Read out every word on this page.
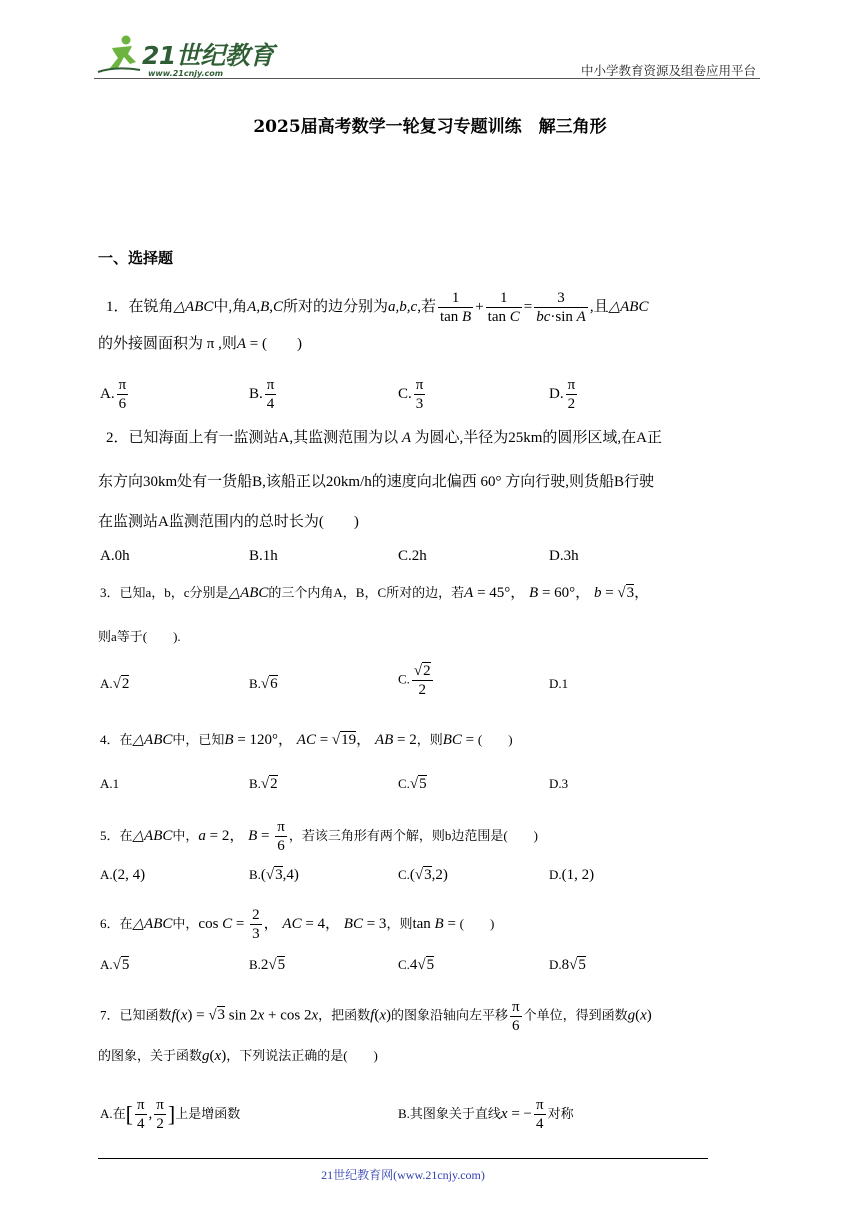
21世纪教育
www.21cnjy.com	中小学教育资源及组卷应用平台
2025届高考数学一轮复习专题训练　解三角形
一、选择题
1．在锐角△ABC中,角A,B,C所对的边分别为a,b,c,若 $\frac{1}{\text{tan B}} + \frac{1}{\text{tan C}} = \frac{3}{\text{bc·sin A}}$ ,且△ABC
的外接圆面积为 π ,则A = (　　)
A. $\frac{\pi}{6}$	B. $\frac{\pi}{4}$	C. $\frac{\pi}{3}$	D. $\frac{\pi}{2}$
2．已知海面上有一监测站A,其监测范围为以 A 为圆心,半径为25km的圆形区域,在A正
东方向30km处有一货船B,该船正以20km/h的速度向北偏西 60° 方向行驶,则货船B行驶
在监测站A监测范围内的总时长为(　　)
A.0h	B.1h	C.2h	D.3h
3．已知a，b，c分别是△ABC的三个内角A，B，C所对的边，若A = 45°， B = 60°， b = √3，
则a等于(　　).
A.√2	B.√6	C. $\frac{√2}{2}$	D.1
4．在△ABC中，已知B = 120°， AC = √19， AB = 2，则BC = (　　)
A.1	B.√2	C.√5	D.3
5．在△ABC中，a = 2， $B = \frac{\pi}{6}$ ，若该三角形有两个解，则b边范围是(　　)
A.(2, 4)	B.(√3,4)	C.(√3,2)	D.(1, 2)
6．在△ABC中，$\cos C = \frac{2}{3}$ ， AC = 4， BC = 3，则tan B = (　　)
A.√5	B.2√5	C.4√5	D.8√5
7．已知函数f(x) = √3 sin 2x + cos 2x，把函数f(x)的图象沿轴向左平移 $\frac{\pi}{6}$ 个单位，得到函数g(x)
的图象，关于函数g(x)，下列说法正确的是(　　)
A.在[ $\frac{\pi}{4}$ , $\frac{\pi}{2}$ ]上是增函数	B.其图象关于直线x = − $\frac{\pi}{4}$ 对称
21世纪教育网(www.21cnjy.com)
